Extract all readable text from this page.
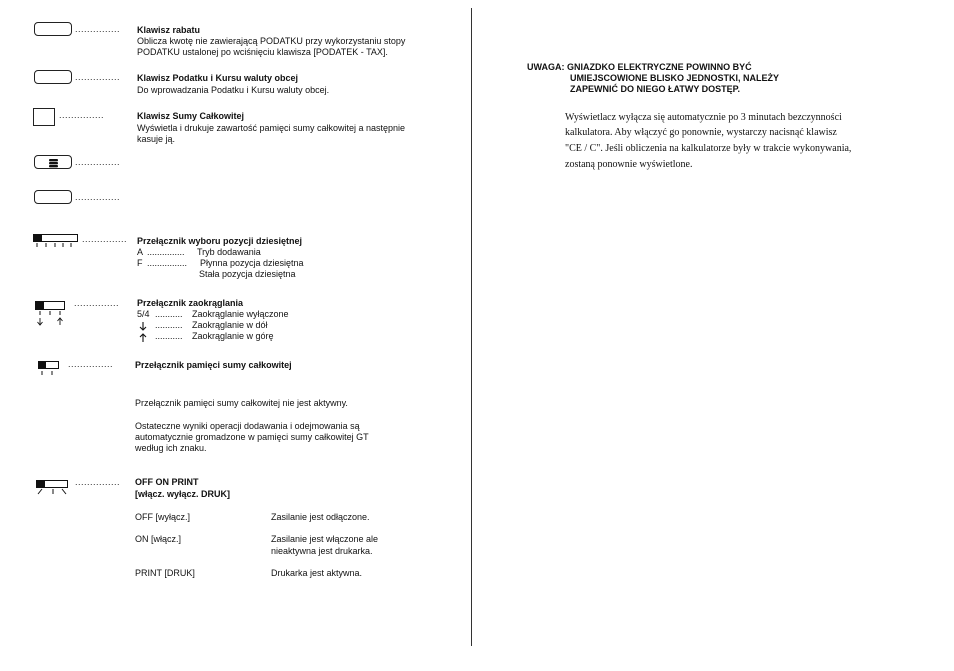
............... Klawisz rabatu
Oblicza kwotę nie zawierającą PODATKU przy wykorzystaniu stopy
PODATKU ustalonej po wciśnięciu klawisza [PODATEK - TAX].
............... Klawisz Podatku i Kursu waluty obcej
Do wprowadzania Podatku i Kursu waluty obcej.
...............	Klawisz Sumy Całkowitej
Wyświetla i drukuje zawartość pamięci sumy całkowitej a następnie
kasuje ją.
...............
...............
............... Przełącznik wyboru pozycji dziesiętnej
A ............... Tryb dodawania
F ................ Płynna pozycja dziesiętna
Stała pozycja dziesiętna
............... Przełącznik zaokrąglania
5/4 ........... Zaokrąglanie wyłączone
........... Zaokrąglanie w dół
........... Zaokrąglanie w górę
............... Przełącznik pamięci sumy całkowitej
Przełącznik pamięci sumy całkowitej nie jest aktywny.
Ostateczne wyniki operacji dodawania i odejmowania są
automatycznie gromadzone w pamięci sumy całkowitej GT
według ich znaku.
............... OFF ON PRINT
[włącz. wyłącz. DRUK]
OFF [wyłącz.]	Zasilanie jest odłączone.
ON [włącz.]	Zasilanie jest włączone ale
nieaktywna jest drukarka.
PRINT [DRUK]	Drukarka jest aktywna.
UWAGA: GNIAZDKO ELEKTRYCZNE POWINNO BYĆ
UMIEJSCOWIONE BLISKO JEDNOSTKI, NALEŻY
ZAPEWNIĆ DO NIEGO ŁATWY DOSTĘP.
Wyświetlacz wyłącza się automatycznie po 3 minutach bezczynności
kalkulatora. Aby włączyć go ponownie, wystarczy nacisnąć klawisz
"CE / C". Jeśli obliczenia na kalkulatorze były w trakcie wykonywania,
zostaną ponownie wyświetlone.
